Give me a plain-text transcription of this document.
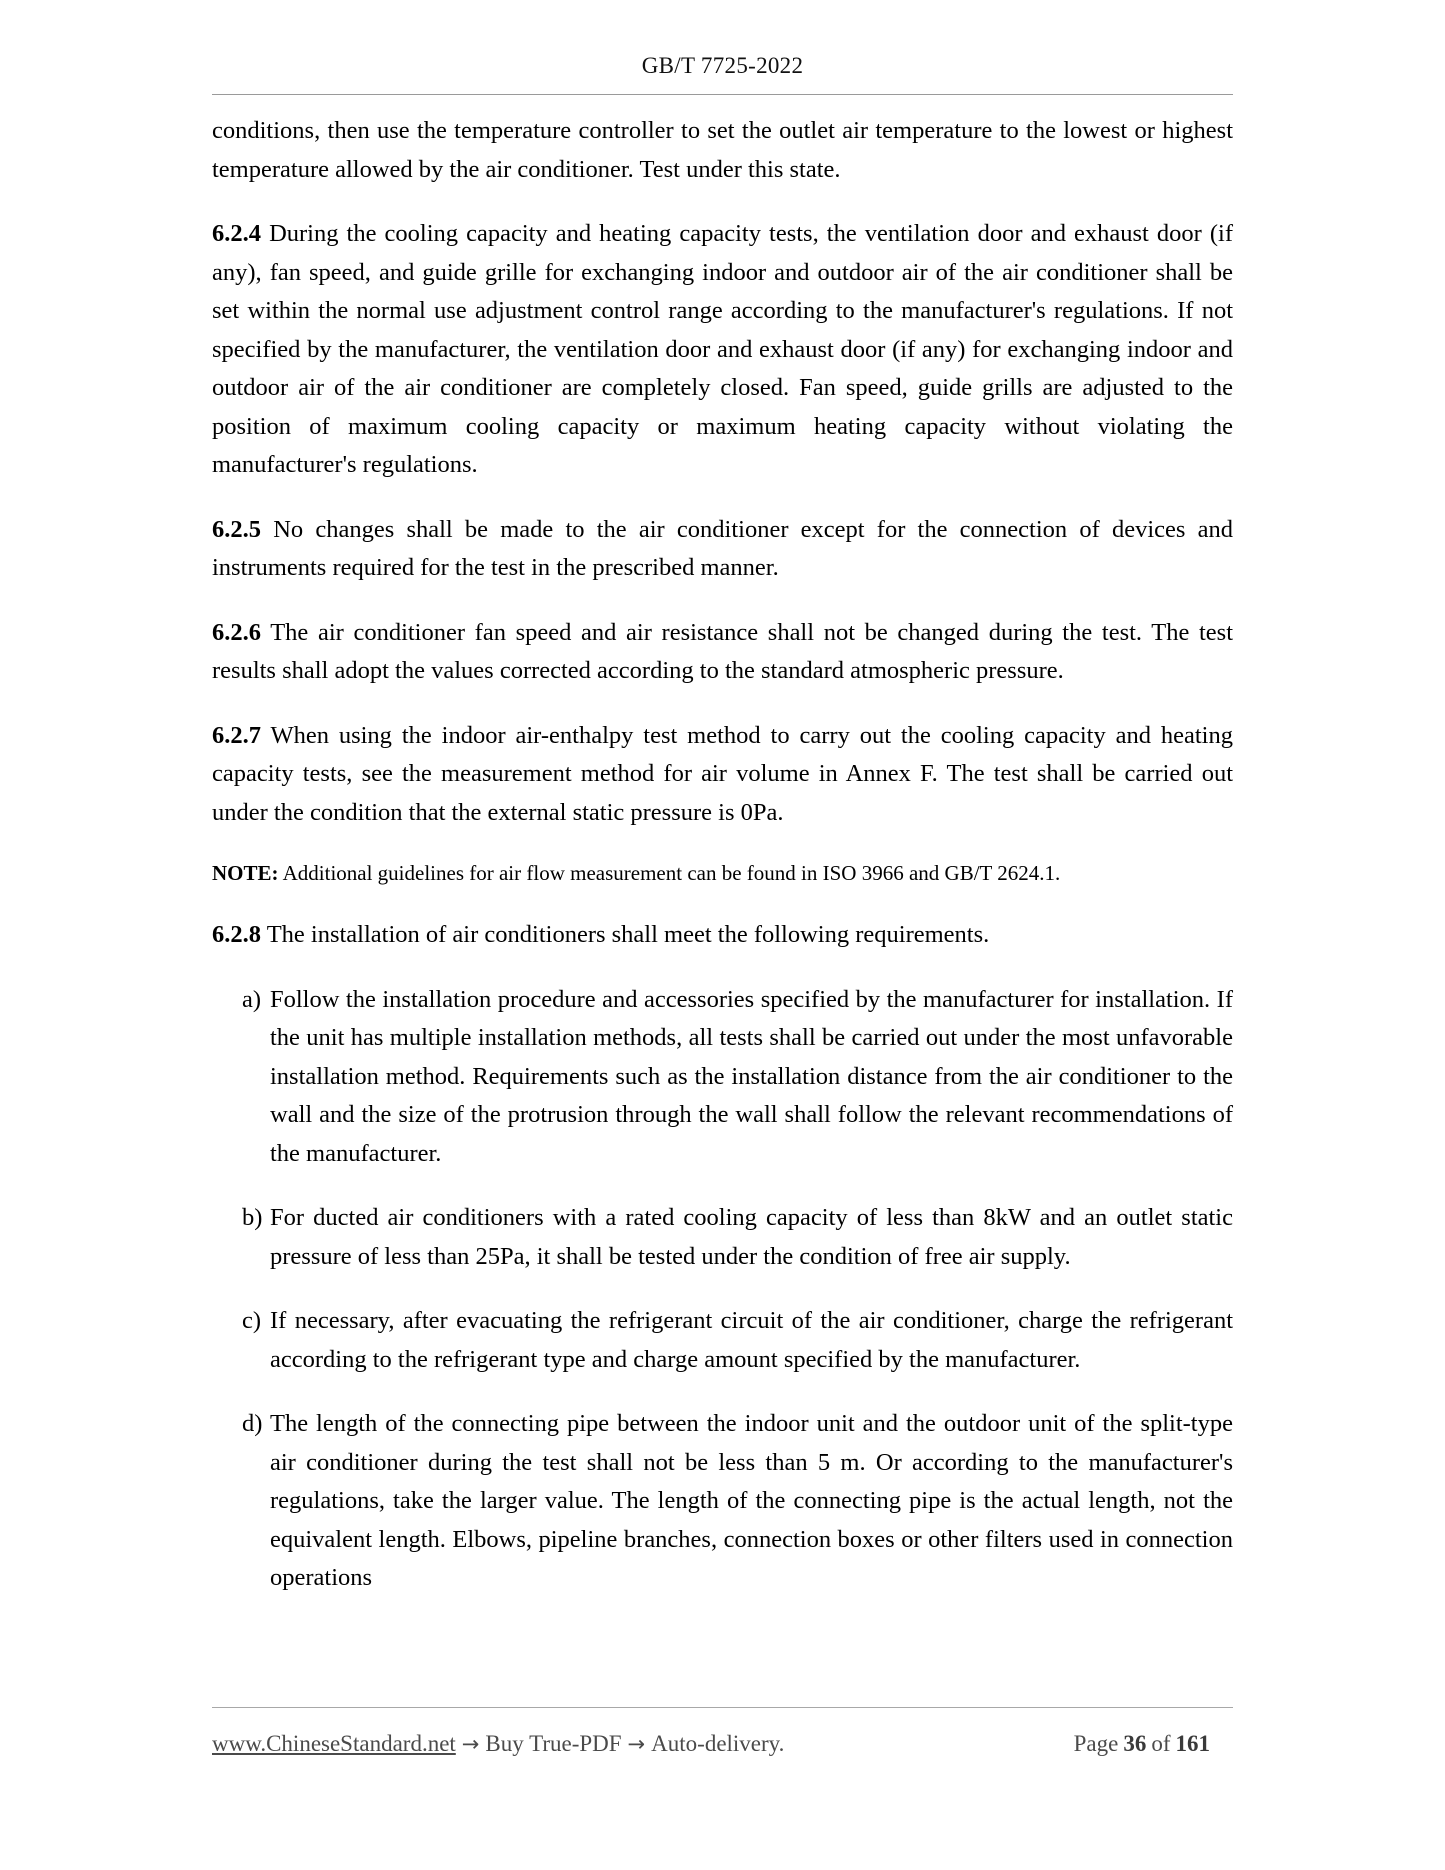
GB/T 7725-2022

conditions, then use the temperature controller to set the outlet air temperature to the lowest or highest temperature allowed by the air conditioner. Test under this state.

6.2.4 During the cooling capacity and heating capacity tests, the ventilation door and exhaust door (if any), fan speed, and guide grille for exchanging indoor and outdoor air of the air conditioner shall be set within the normal use adjustment control range according to the manufacturer's regulations. If not specified by the manufacturer, the ventilation door and exhaust door (if any) for exchanging indoor and outdoor air of the air conditioner are completely closed. Fan speed, guide grills are adjusted to the position of maximum cooling capacity or maximum heating capacity without violating the manufacturer's regulations.

6.2.5 No changes shall be made to the air conditioner except for the connection of devices and instruments required for the test in the prescribed manner.

6.2.6 The air conditioner fan speed and air resistance shall not be changed during the test. The test results shall adopt the values corrected according to the standard atmospheric pressure.

6.2.7 When using the indoor air-enthalpy test method to carry out the cooling capacity and heating capacity tests, see the measurement method for air volume in Annex F. The test shall be carried out under the condition that the external static pressure is 0Pa.

NOTE: Additional guidelines for air flow measurement can be found in ISO 3966 and GB/T 2624.1.

6.2.8 The installation of air conditioners shall meet the following requirements.

a) Follow the installation procedure and accessories specified by the manufacturer for installation. If the unit has multiple installation methods, all tests shall be carried out under the most unfavorable installation method. Requirements such as the installation distance from the air conditioner to the wall and the size of the protrusion through the wall shall follow the relevant recommendations of the manufacturer.
b) For ducted air conditioners with a rated cooling capacity of less than 8kW and an outlet static pressure of less than 25Pa, it shall be tested under the condition of free air supply.
c) If necessary, after evacuating the refrigerant circuit of the air conditioner, charge the refrigerant according to the refrigerant type and charge amount specified by the manufacturer.
d) The length of the connecting pipe between the indoor unit and the outdoor unit of the split-type air conditioner during the test shall not be less than 5 m. Or according to the manufacturer's regulations, take the larger value. The length of the connecting pipe is the actual length, not the equivalent length. Elbows, pipeline branches, connection boxes or other filters used in connection operations
www.ChineseStandard.net → Buy True-PDF → Auto-delivery.	Page 36 of 161
